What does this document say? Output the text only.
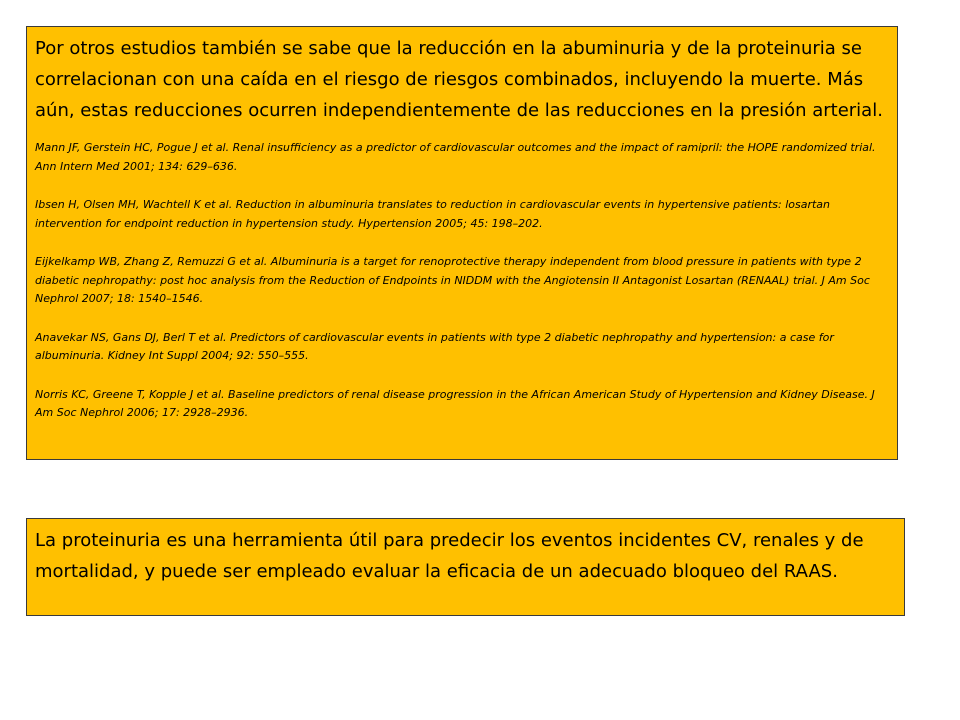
Por otros estudios también se sabe que la reducción en la abuminuria y de la proteinuria se correlacionan con una caída en el riesgo de riesgos combinados, incluyendo la muerte. Más aún, estas reducciones ocurren independientemente de las reducciones en la presión arterial.

Mann JF, Gerstein HC, Pogue J et al. Renal insufficiency as a predictor of cardiovascular outcomes and the impact of ramipril: the HOPE randomized trial. Ann Intern Med 2001; 134: 629–636.

Ibsen H, Olsen MH, Wachtell K et al. Reduction in albuminuria translates to reduction in cardiovascular events in hypertensive patients: losartan intervention for endpoint reduction in hypertension study. Hypertension 2005; 45: 198–202.

Eijkelkamp WB, Zhang Z, Remuzzi G et al. Albuminuria is a target for renoprotective therapy independent from blood pressure in patients with type 2 diabetic nephropathy: post hoc analysis from the Reduction of Endpoints in NIDDM with the Angiotensin II Antagonist Losartan (RENAAL) trial. J Am Soc Nephrol 2007; 18: 1540–1546.

Anavekar NS, Gans DJ, Berl T et al. Predictors of cardiovascular events in patients with type 2 diabetic nephropathy and hypertension: a case for albuminuria. Kidney Int Suppl 2004; 92: 550–555.

Norris KC, Greene T, Kopple J et al. Baseline predictors of renal disease progression in the African American Study of Hypertension and Kidney Disease. J Am Soc Nephrol 2006; 17: 2928–2936.

La proteinuria es una herramienta útil para predecir los eventos incidentes CV, renales y de mortalidad, y puede ser empleado evaluar la eficacia de un adecuado bloqueo del RAAS.
